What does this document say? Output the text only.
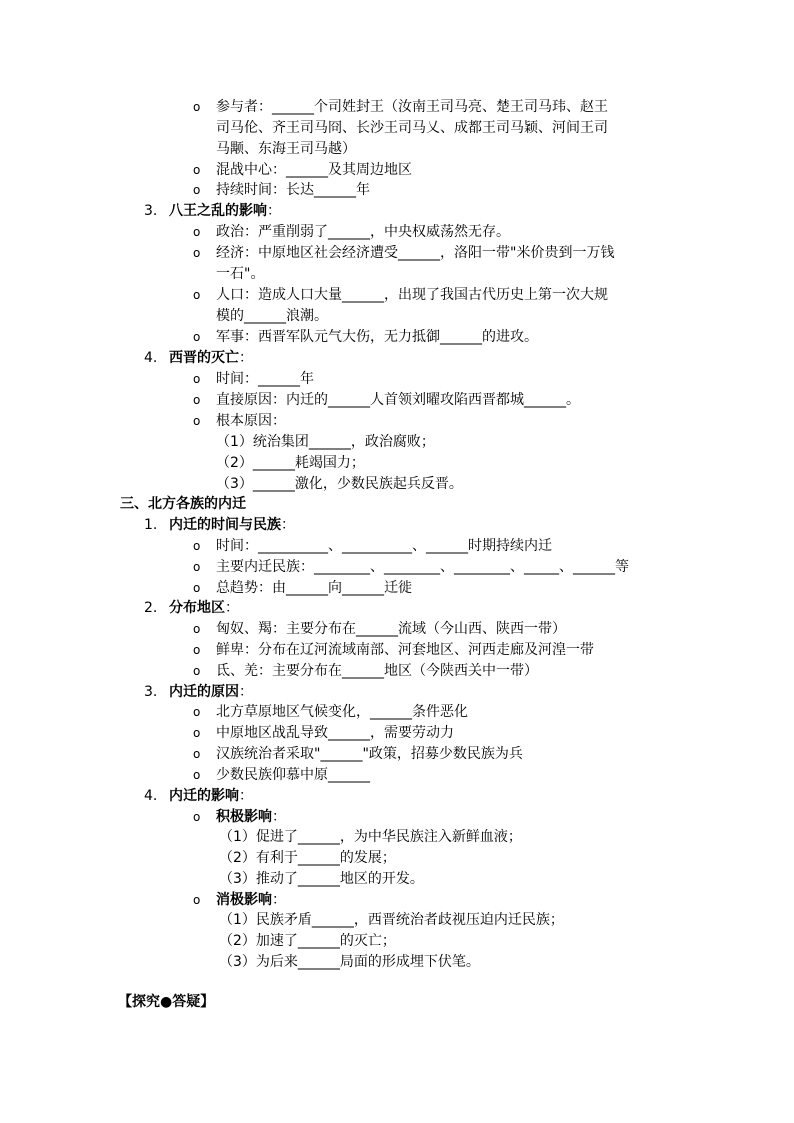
o 参与者：______个司姓封王（汝南王司马亮、楚王司马玮、赵王
司马伦、齐王司马冏、长沙王司马乂、成都王司马颖、河间王司
马颙、东海王司马越）
o 混战中心：______及其周边地区
o 持续时间：长达______年
3. 八王之乱的影响：
o 政治：严重削弱了______，中央权威荡然无存。
o 经济：中原地区社会经济遭受______，洛阳一带"米价贵到一万钱
一石"。
o 人口：造成人口大量______，出现了我国古代历史上第一次大规
模的______浪潮。
o 军事：西晋军队元气大伤，无力抵御______的进攻。
4. 西晋的灭亡：
o 时间：______年
o 直接原因：内迁的______人首领刘曜攻陷西晋都城______。
o 根本原因：
（1）统治集团______，政治腐败；
（2）______耗竭国力；
（3）______激化，少数民族起兵反晋。
三、北方各族的内迁
1. 内迁的时间与民族：
o 时间：__________、__________、______时期持续内迁
o 主要内迁民族：________、________、________、_____、______等
o 总趋势：由______向______迁徙
2. 分布地区：
o 匈奴、羯：主要分布在______流域（今山西、陕西一带）
o 鲜卑：分布在辽河流域南部、河套地区、河西走廊及河湟一带
o 氐、羌：主要分布在______地区（今陕西关中一带）
3. 内迁的原因：
o 北方草原地区气候变化，______条件恶化
o 中原地区战乱导致______，需要劳动力
o 汉族统治者采取"______"政策，招募少数民族为兵
o 少数民族仰慕中原______
4. 内迁的影响：
o 积极影响：
（1）促进了______，为中华民族注入新鲜血液；
（2）有利于______的发展；
（3）推动了______地区的开发。
o 消极影响：
（1）民族矛盾______，西晋统治者歧视压迫内迁民族；
（2）加速了______的灭亡；
（3）为后来______局面的形成埋下伏笔。
【探究●答疑】
